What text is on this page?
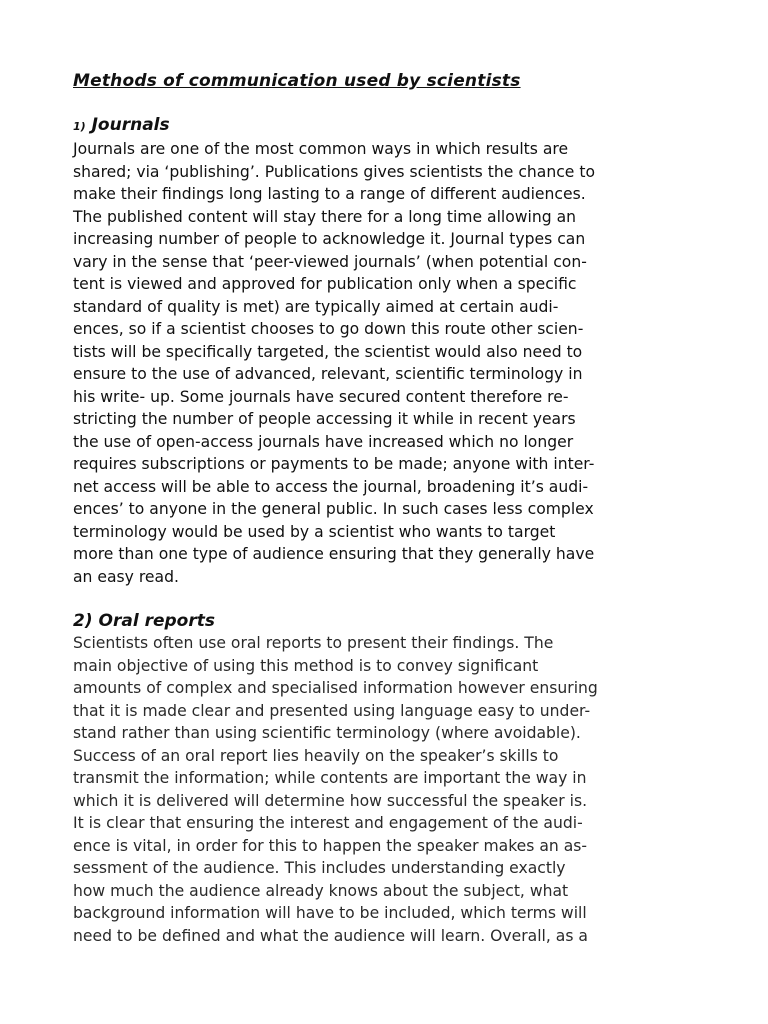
Methods of communication used by scientists
1) Journals
Journals are one of the most common ways in which results are
shared; via ‘publishing’. Publications gives scientists the chance to
make their findings long lasting to a range of different audiences.
The published content will stay there for a long time allowing an
increasing number of people to acknowledge it. Journal types can
vary in the sense that ‘peer-viewed journals’ (when potential con-
tent is viewed and approved for publication only when a specific
standard of quality is met) are typically aimed at certain audi-
ences, so if a scientist chooses to go down this route other scien-
tists will be specifically targeted, the scientist would also need to
ensure to the use of advanced, relevant, scientific terminology in
his write- up. Some journals have secured content therefore re-
stricting the number of people accessing it while in recent years
the use of open-access journals have increased which no longer
requires subscriptions or payments to be made; anyone with inter-
net access will be able to access the journal, broadening it’s audi-
ences’ to anyone in the general public. In such cases less complex
terminology would be used by a scientist who wants to target
more than one type of audience ensuring that they generally have
an easy read.
2) Oral reports
Scientists often use oral reports to present their findings. The
main objective of using this method is to convey significant
amounts of complex and specialised information however ensuring
that it is made clear and presented using language easy to under-
stand rather than using scientific terminology (where avoidable).
Success of an oral report lies heavily on the speaker’s skills to
transmit the information; while contents are important the way in
which it is delivered will determine how successful the speaker is.
It is clear that ensuring the interest and engagement of the audi-
ence is vital, in order for this to happen the speaker makes an as-
sessment of the audience. This includes understanding exactly
how much the audience already knows about the subject, what
background information will have to be included, which terms will
need to be defined and what the audience will learn. Overall, as a
